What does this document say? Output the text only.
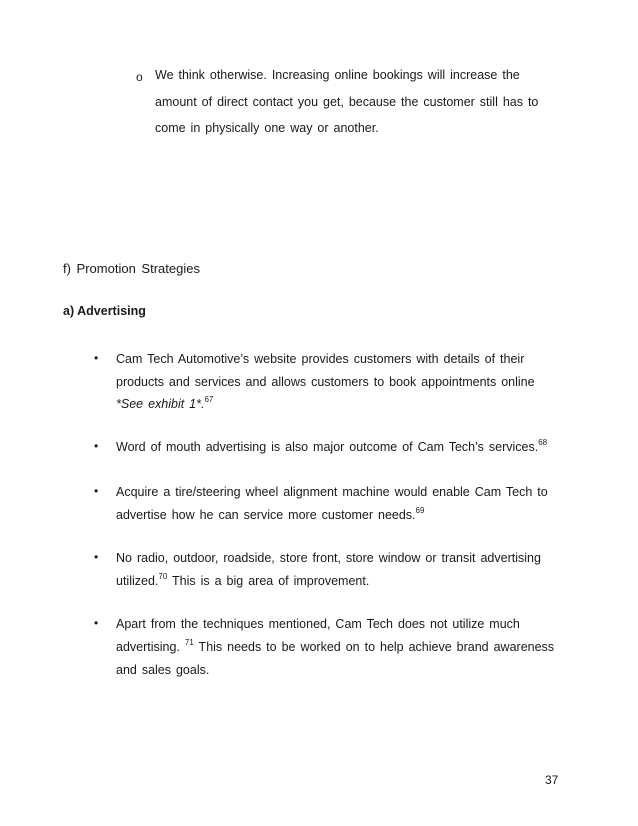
o We think otherwise. Increasing online bookings will increase the
amount of direct contact you get, because the customer still has to
come in physically one way or another.
f) Promotion Strategies
a) Advertising
• Cam Tech Automotive’s website provides customers with details of their
products and services and allows customers to book appointments online
*See exhibit 1*.$^{67}$
• Word of mouth advertising is also major outcome of Cam Tech’s services.$^{68}$
• Acquire a tire/steering wheel alignment machine would enable Cam Tech to
advertise how he can service more customer needs.$^{69}$
• No radio, outdoor, roadside, store front, store window or transit advertising
utilized.$^{70}$ This is a big area of improvement.
• Apart from the techniques mentioned, Cam Tech does not utilize much
advertising. $^{71}$ This needs to be worked on to help achieve brand awareness
and sales goals.
37
